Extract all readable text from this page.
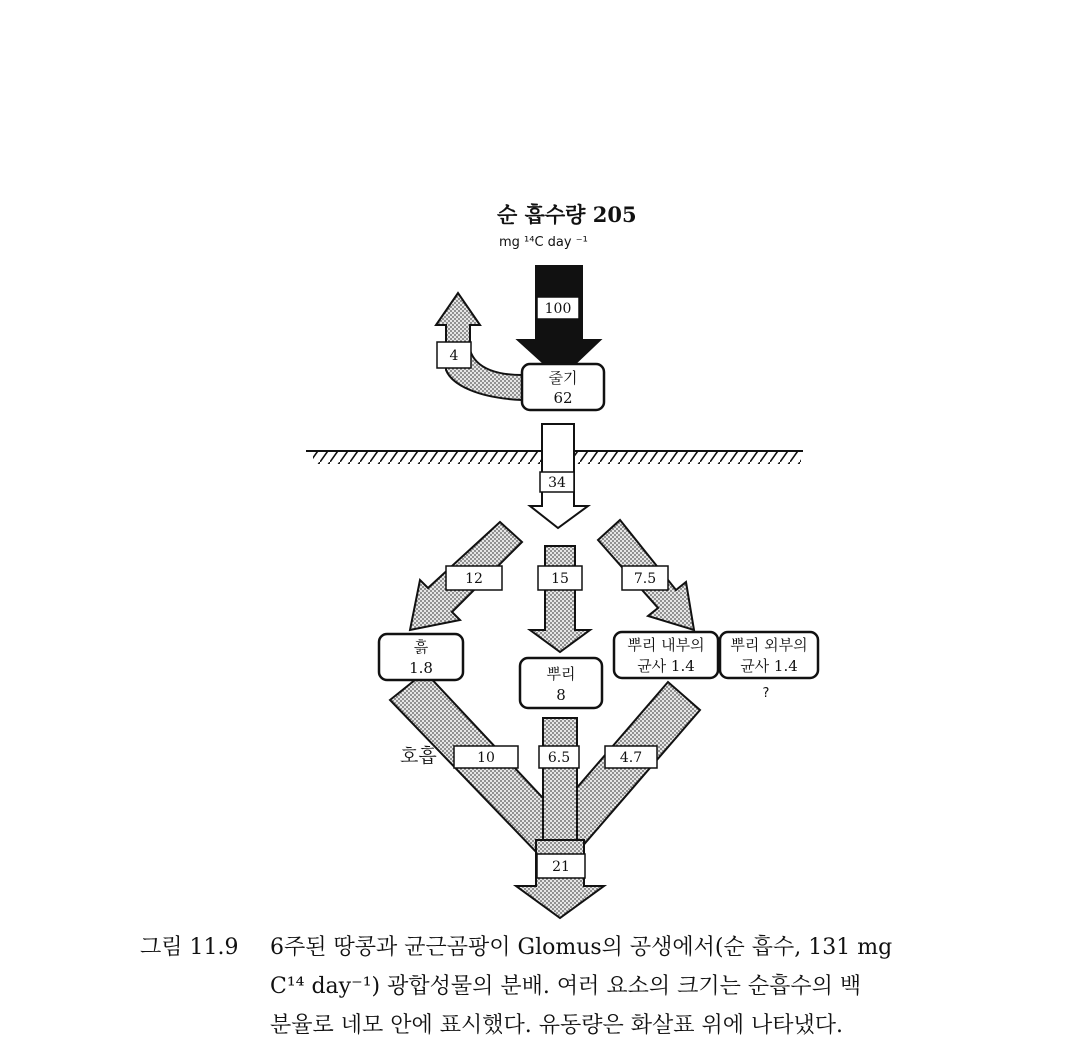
순 흡수량 205
mg ¹⁴C day ⁻¹
100
4
줄기
62
34
12	15	7.5
흙
1.8	뿌리
8
뿌리 내부의
균사 1.4
뿌리 외부의
균사 1.4
?
호흡	10	6.5	4.7
21
그림 11.9 6주된 땅콩과 균근곰팡이 Glomus의 공생에서(순 흡수, 131 mg
C¹⁴ day⁻¹) 광합성물의 분배. 여러 요소의 크기는 순흡수의 백
분율로 네모 안에 표시했다. 유동량은 화살표 위에 나타냈다.
